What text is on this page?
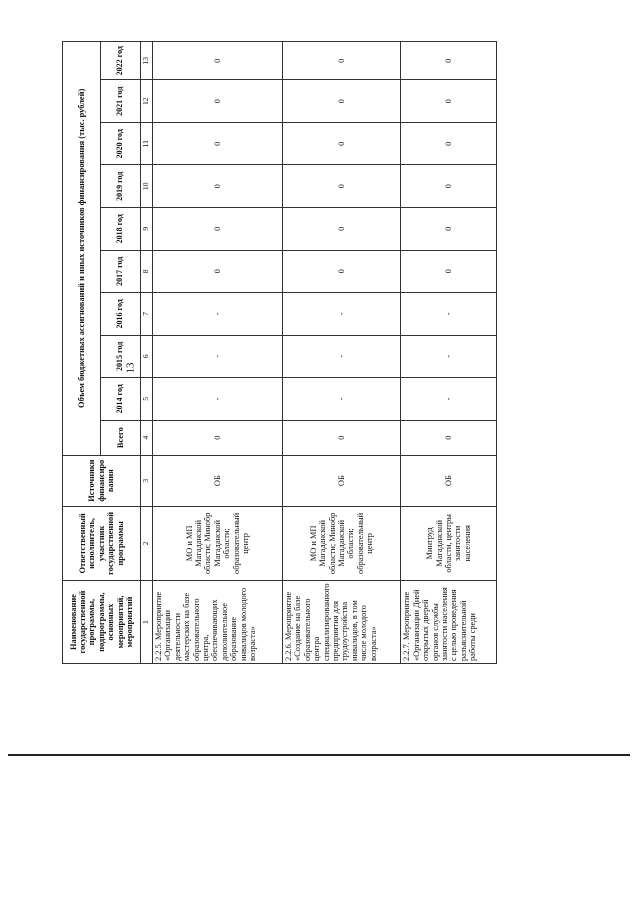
13
Наименование государственной программы, подпрограммы, основных мероприятий, мероприятий	Ответственный исполнитель, участник государственной программы	Источники финансиро вания	Объем бюджетных ассигнований и иных источников финансирования (тыс. рублей)									
			Всего	2014 год	2015 год	2016 год	2017 год	2018 год	2019 год	2020 год	2021 год	2022 год
1	2	3	4	5	6	7	8	9	10	11	12	13
2.2.5. Мероприятие «Организации деятельности мастерских на базе образовательного центра, обеспечивающих дополнительное образование инвалидов молодого возраста»	МО и МП Магаданской области; Минобр Магаданской области; образовательный центр	ОБ	0	-	-	-	0	0	0	0	0	0
2.2.6. Мероприятие «Создание на базе образовательного центра специализированного предприятия для трудоустройства инвалидов, в том числе молодого возраста»	МО и МП Магаданской области; Минобр Магаданской области; образовательный центр	ОБ	0	-	-	-	0	0	0	0	0	0
2.2.7. Мероприятие «Организации Дней открытых дверей органов службы занятости населения с целью проведения разъяснительной работы среди	Минтруд Магаданской области, центры занятости населения	ОБ	0	-	-	-	0	0	0	0	0	0
